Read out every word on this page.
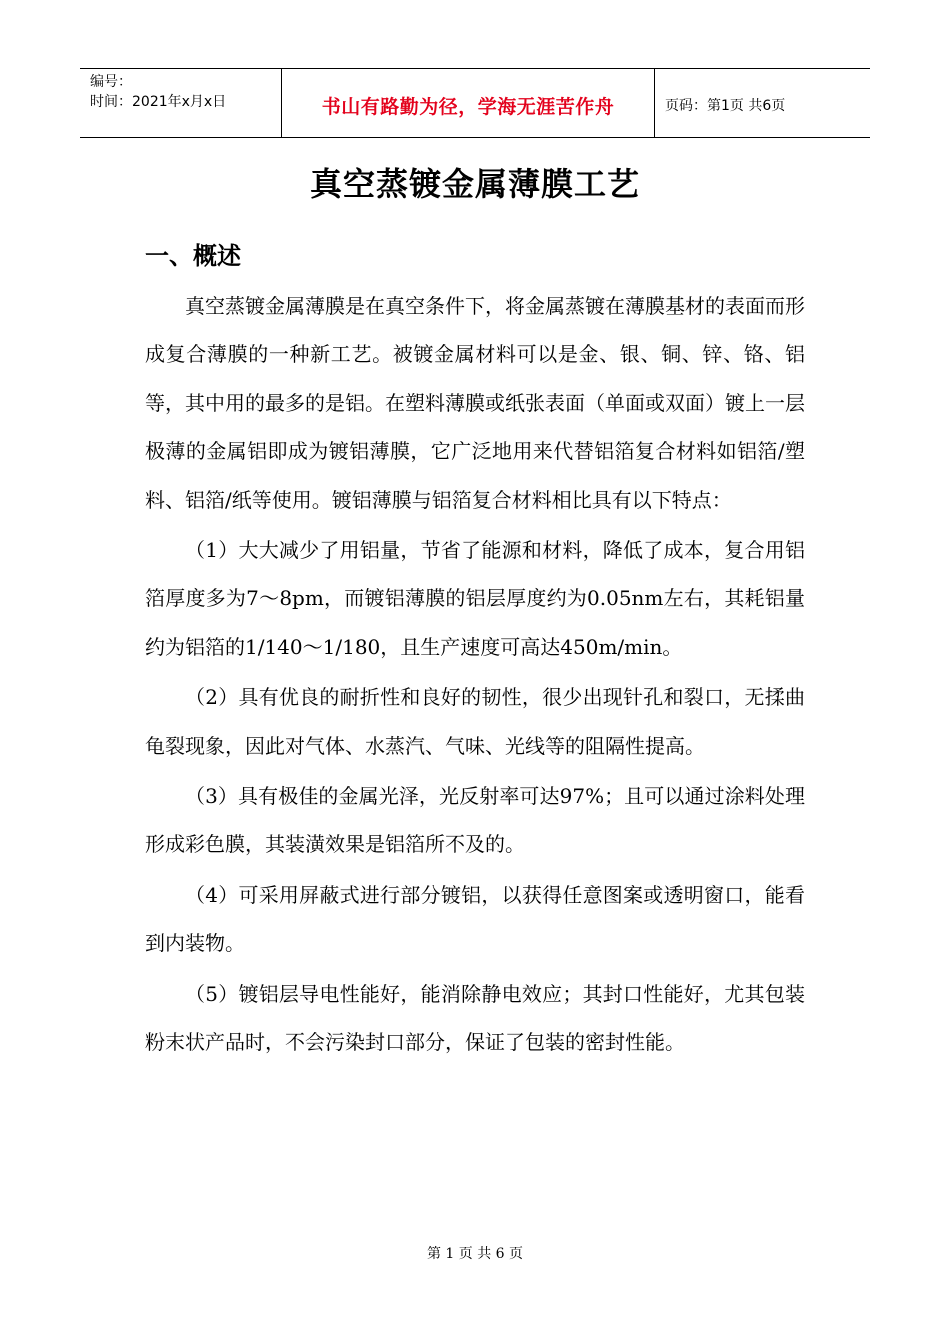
编号：
时间：2021年x月x日	书山有路勤为径，学海无涯苦作舟	页码：第1页 共6页
真空蒸镀金属薄膜工艺
一、概述

真空蒸镀金属薄膜是在真空条件下，将金属蒸镀在薄膜基材的表面而形成复合薄膜的一种新工艺。被镀金属材料可以是金、银、铜、锌、铬、铝等，其中用的最多的是铝。在塑料薄膜或纸张表面（单面或双面）镀上一层极薄的金属铝即成为镀铝薄膜，它广泛地用来代替铝箔复合材料如铝箔/塑料、铝箔/纸等使用。镀铝薄膜与铝箔复合材料相比具有以下特点：

（1）大大减少了用铝量，节省了能源和材料，降低了成本，复合用铝箔厚度多为7～8pm，而镀铝薄膜的铝层厚度约为0.05nm左右，其耗铝量约为铝箔的1/140～1/180，且生产速度可高达450m/min。

（2）具有优良的耐折性和良好的韧性，很少出现针孔和裂口，无揉曲龟裂现象，因此对气体、水蒸汽、气味、光线等的阻隔性提高。

（3）具有极佳的金属光泽，光反射率可达97%；且可以通过涂料处理形成彩色膜，其装潢效果是铝箔所不及的。

（4）可采用屏蔽式进行部分镀铝，以获得任意图案或透明窗口，能看到内装物。

（5）镀铝层导电性能好，能消除静电效应；其封口性能好，尤其包装粉末状产品时，不会污染封口部分，保证了包装的密封性能。

第 1 页 共 6 页
